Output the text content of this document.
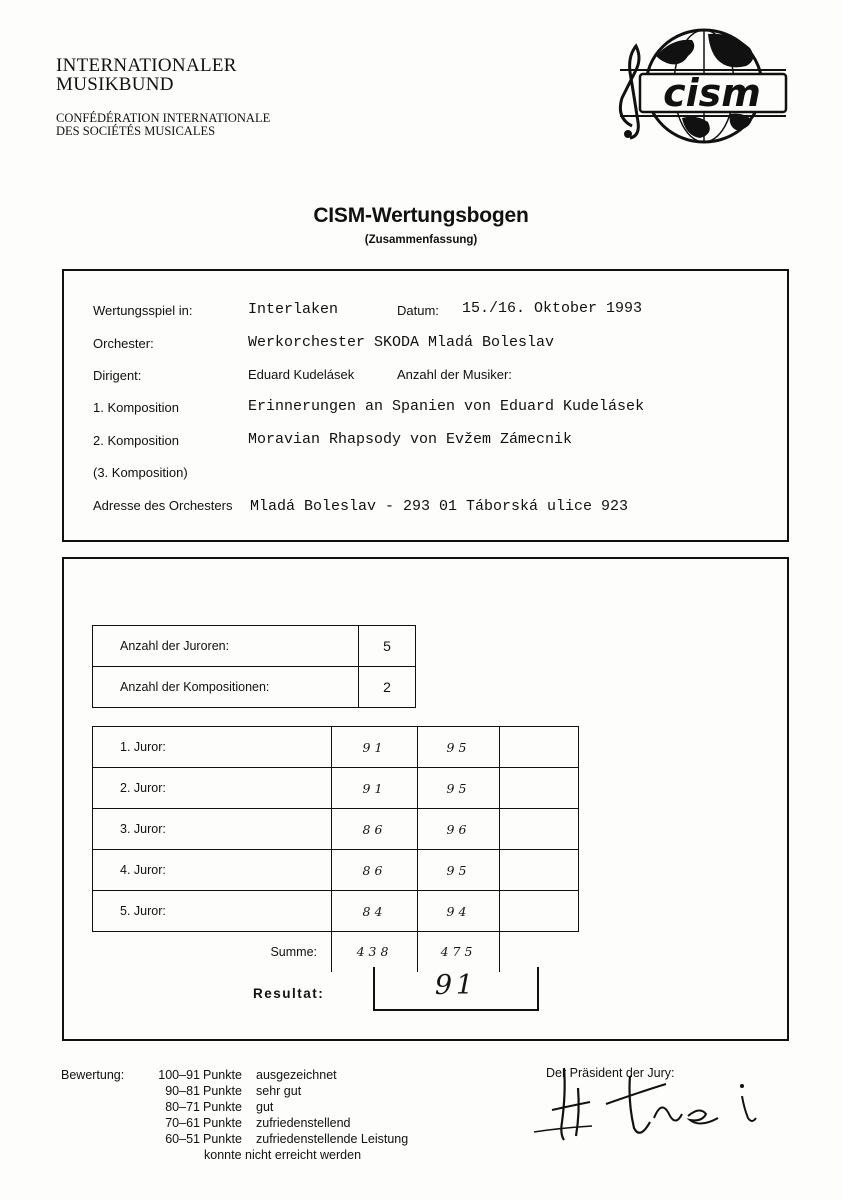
INTERNATIONALER
MUSIKBUND
CONFÉDÉRATION INTERNATIONALE
DES SOCIÉTÉS MUSICALES
cism
CISM-Wertungsbogen
(Zusammenfassung)
Wertungsspiel in:	Interlaken	Datum: 15./16. Oktober 1993
Orchester:	Werkorchester SKODA Mladá Boleslav
Dirigent:	Eduard Kudelásek	Anzahl der Musiker:
1. Komposition	Erinnerungen an Spanien von Eduard Kudelásek
2. Komposition	Moravian Rhapsody von Evžem Zámecnik
(3. Komposition)
Adresse des Orchesters Mladá Boleslav - 293 01 Táborská ulice 923
Anzahl der Juroren:	5
Anzahl der Kompositionen:	2
1. Juror:	91	95	
2. Juror:	91	95	
3. Juror:	86	96	
4. Juror:	86	95	
5. Juror:	84	94	
Summe:	438	475	
Resultat:	91
Bewertung:	100–91 Punkte	ausgezeichnet
90–81 Punkte	sehr gut
80–71 Punkte	gut
70–61 Punkte	zufriedenstellend
60–51 Punkte	zufriedenstellende Leistung
konnte nicht erreicht werden
Der Präsident der Jury:
